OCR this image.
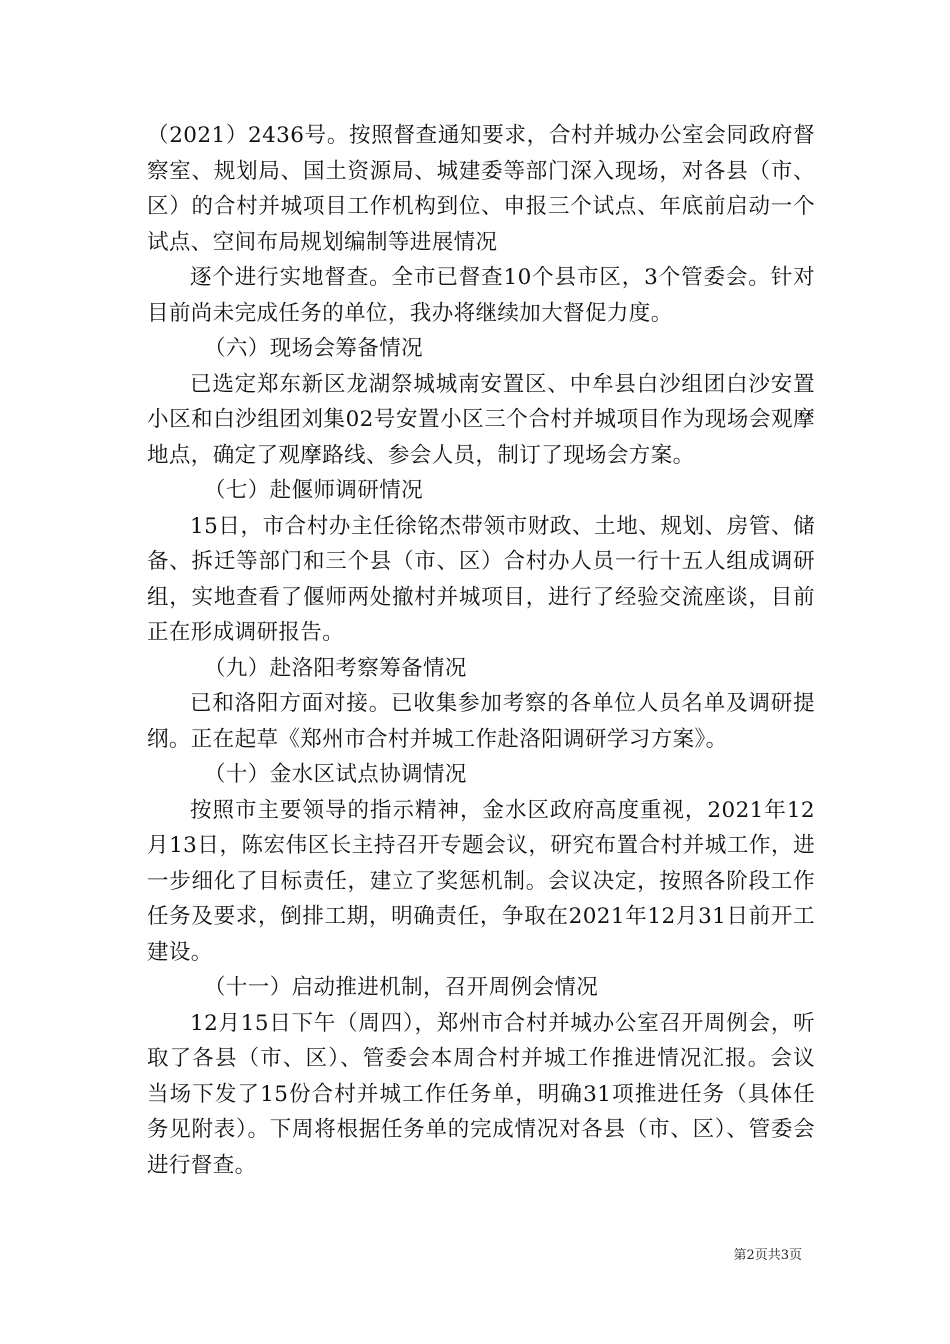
（2021）2436号。按照督查通知要求，合村并城办公室会同政府督察室、规划局、国土资源局、城建委等部门深入现场，对各县（市、区）的合村并城项目工作机构到位、申报三个试点、年底前启动一个试点、空间布局规划编制等进展情况

逐个进行实地督查。全市已督查10个县市区，3个管委会。针对目前尚未完成任务的单位，我办将继续加大督促力度。

（六）现场会筹备情况

已选定郑东新区龙湖祭城城南安置区、中牟县白沙组团白沙安置小区和白沙组团刘集02号安置小区三个合村并城项目作为现场会观摩地点，确定了观摩路线、参会人员，制订了现场会方案。

（七）赴偃师调研情况

15日，市合村办主任徐铭杰带领市财政、土地、规划、房管、储备、拆迁等部门和三个县（市、区）合村办人员一行十五人组成调研组，实地查看了偃师两处撤村并城项目，进行了经验交流座谈，目前正在形成调研报告。

（九）赴洛阳考察筹备情况

已和洛阳方面对接。已收集参加考察的各单位人员名单及调研提纲。正在起草《郑州市合村并城工作赴洛阳调研学习方案》。

（十）金水区试点协调情况

按照市主要领导的指示精神，金水区政府高度重视，2021年12月13日，陈宏伟区长主持召开专题会议，研究布置合村并城工作，进一步细化了目标责任，建立了奖惩机制。会议决定，按照各阶段工作任务及要求，倒排工期，明确责任，争取在2021年12月31日前开工建设。

（十一）启动推进机制，召开周例会情况

12月15日下午（周四），郑州市合村并城办公室召开周例会，听取了各县（市、区）、管委会本周合村并城工作推进情况汇报。会议当场下发了15份合村并城工作任务单，明确31项推进任务（具体任务见附表）。下周将根据任务单的完成情况对各县（市、区）、管委会进行督查。

第2页共3页
